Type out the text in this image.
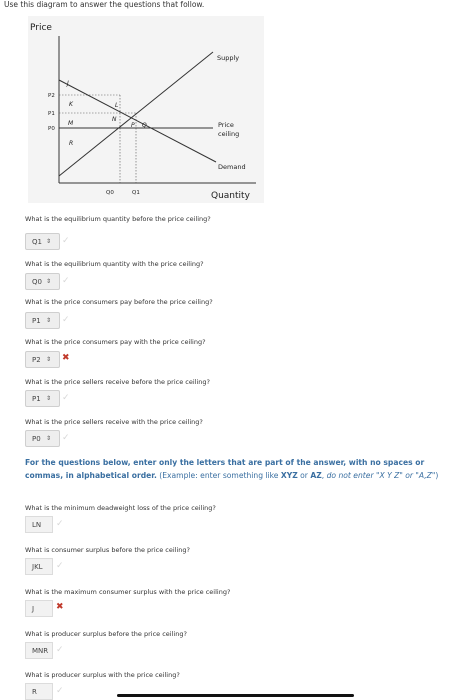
Use this diagram to answer the questions that follow.
Price
Quantity
Supply
Demand
Price
ceiling
P2
P1
P0
Q0	Q1
J
K	L
M
N
P Q
R
What is the equilibrium quantity before the price ceiling?
Q1 ⇕ ✓
What is the equilibrium quantity with the price ceiling?
Q0 ⇕ ✓
What is the price consumers pay before the price ceiling?
P1 ⇕ ✓
What is the price consumers pay with the price ceiling?
P2 ⇕ ✖
What is the price sellers receive before the price ceiling?
P1 ⇕ ✓
What is the price sellers receive with the price ceiling?
P0 ⇕ ✓
For the questions below, enter only the letters that are part of the answer, with no spaces or commas, in alphabetical order. (Example: enter something like XYZ or AZ, do not enter "X Y Z" or "A,Z")
What is the minimum deadweight loss of the price ceiling?
LN	✓
What is consumer surplus before the price ceiling?
JKL	✓
What is the maximum consumer surplus with the price ceiling?
J	✖
What is producer surplus before the price ceiling?
MNR ✓
What is producer surplus with the price ceiling?
R	✓
